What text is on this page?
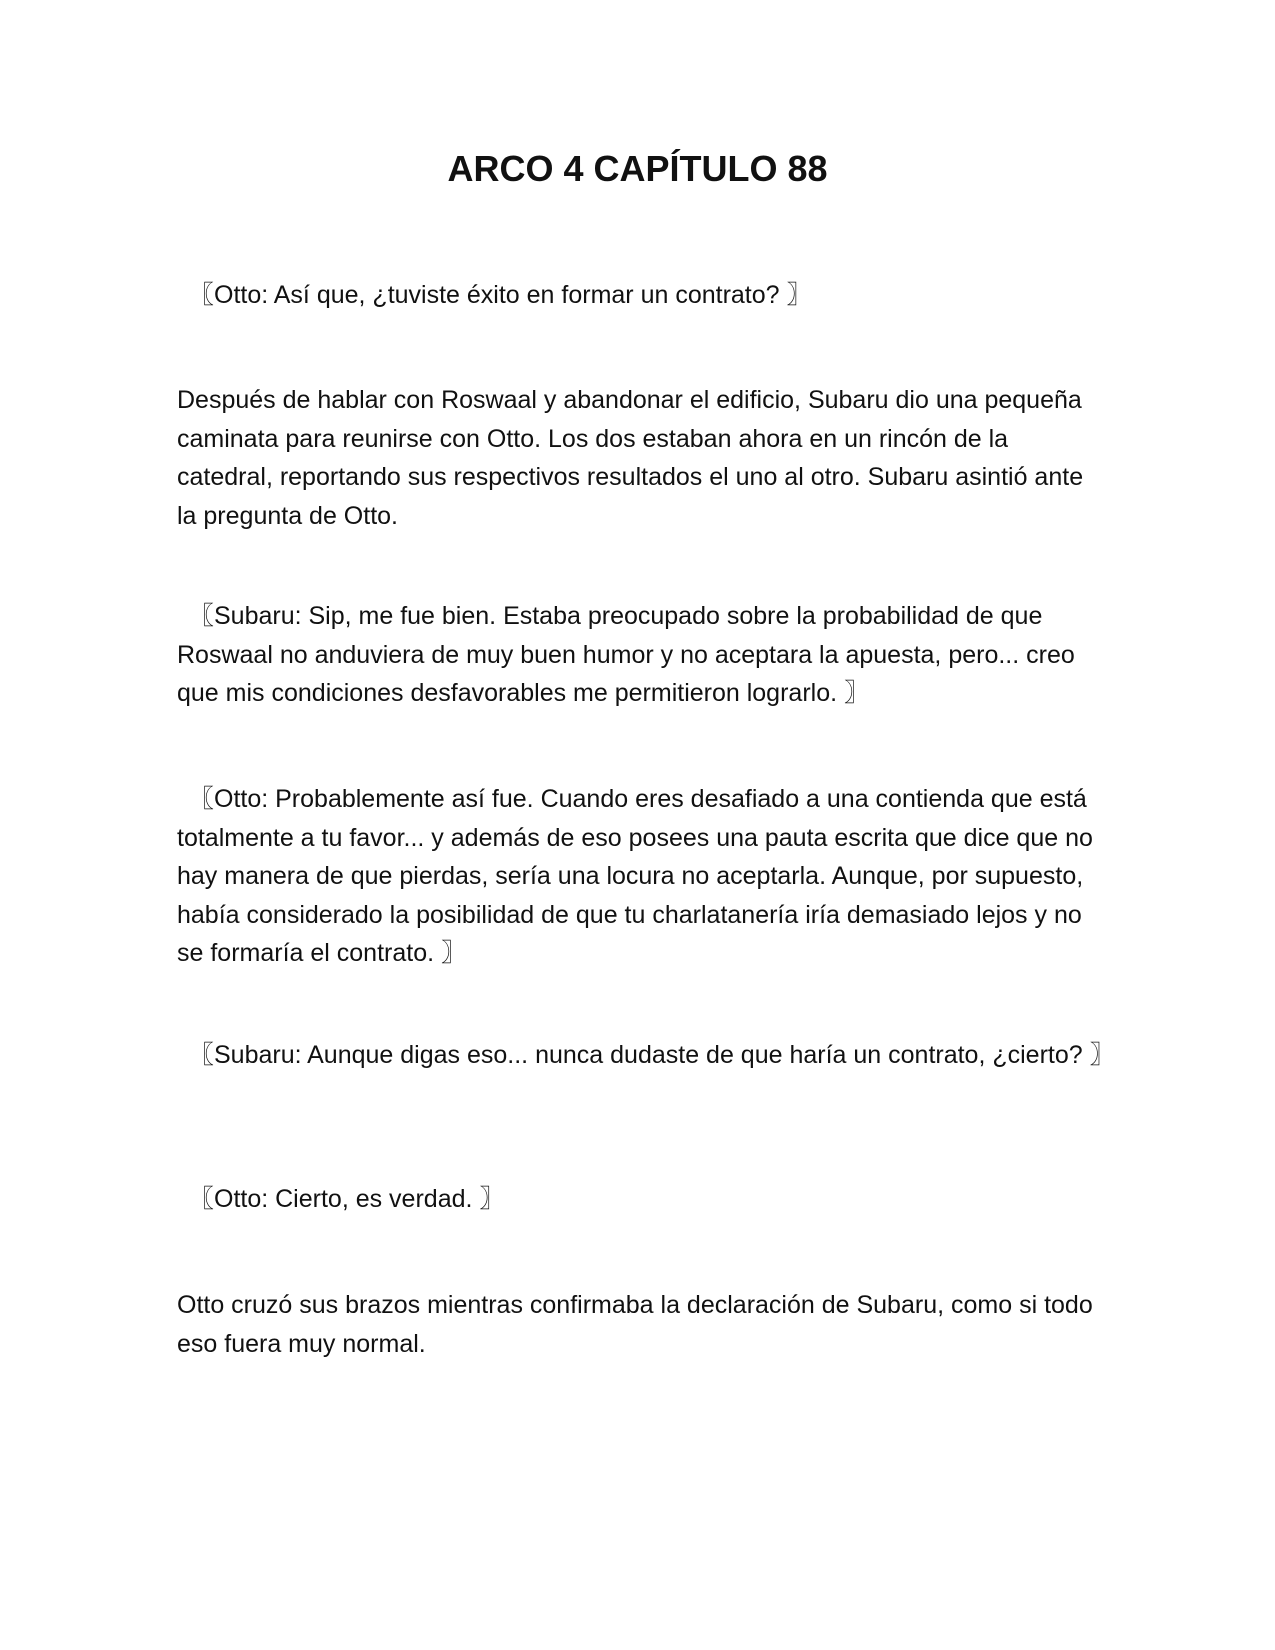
ARCO 4 CAPÍTULO 88

〖Otto: Así que, ¿tuviste éxito en formar un contrato? 〗

Después de hablar con Roswaal y abandonar el edificio, Subaru dio una pequeña caminata para reunirse con Otto. Los dos estaban ahora en un rincón de la catedral, reportando sus respectivos resultados el uno al otro. Subaru asintió ante la pregunta de Otto.

〖Subaru: Sip, me fue bien. Estaba preocupado sobre la probabilidad de que Roswaal no anduviera de muy buen humor y no aceptara la apuesta, pero... creo que mis condiciones desfavorables me permitieron lograrlo. 〗

〖Otto: Probablemente así fue. Cuando eres desafiado a una contienda que está totalmente a tu favor... y además de eso posees una pauta escrita que dice que no hay manera de que pierdas, sería una locura no aceptarla. Aunque, por supuesto, había considerado la posibilidad de que tu charlatanería iría demasiado lejos y no se formaría el contrato. 〗

〖Subaru: Aunque digas eso... nunca dudaste de que haría un contrato, ¿cierto? 〗

〖Otto: Cierto, es verdad. 〗

Otto cruzó sus brazos mientras confirmaba la declaración de Subaru, como si todo eso fuera muy normal.
